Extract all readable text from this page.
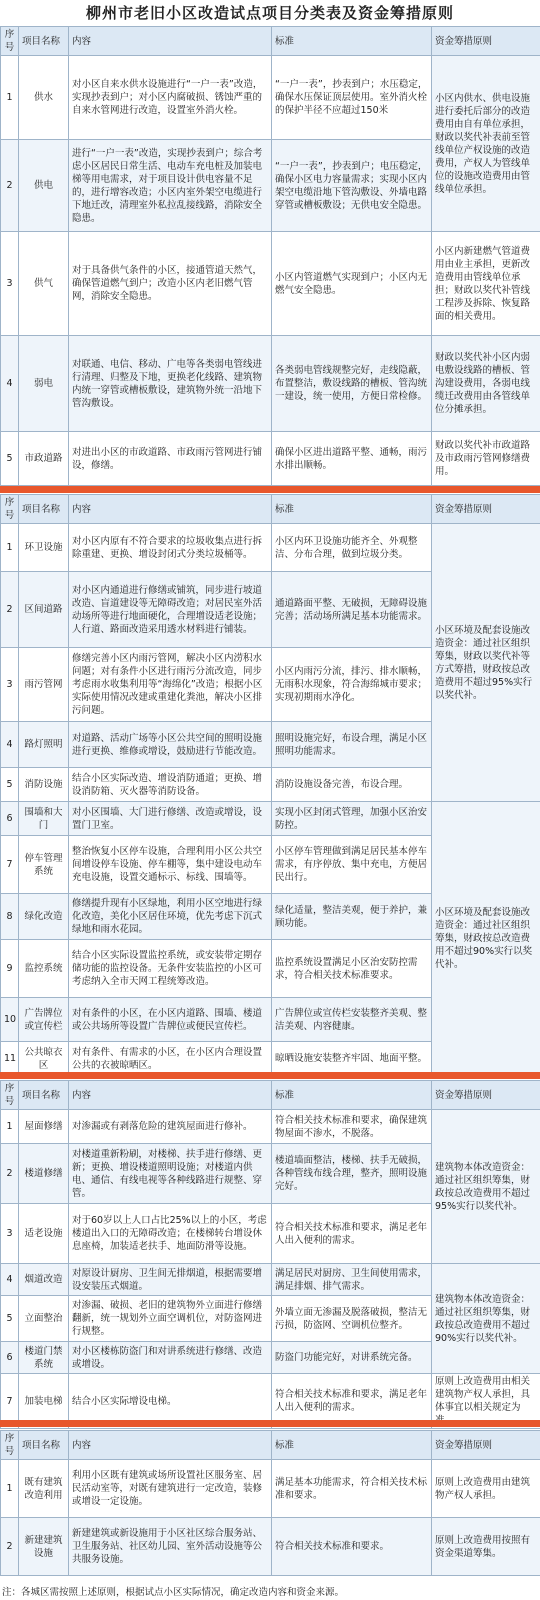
柳州市老旧小区改造试点项目分类表及资金筹措原则
序号	项目名称	内容	标准	资金筹措原则
1	供水	对小区自来水供水设施进行“一户一表”改造，实现抄表到户；对小区内腐破损、锈蚀严重的自来水管网进行改造，设置室外消火栓。	“一户一表”，抄表到户；水压稳定，确保水压保证顶层使用。室外消火栓的保护半径不应超过150米	小区内供水、供电设施进行委托后部分的改造费用由自有单位承担，财政以奖代补表前至管线单位产权设施的改造费用，产权人为管线单位的设施改造费用由管线单位承担。
2	供电	进行“一户一表”改造，实现抄表到户；综合考虑小区居民日常生活、电动车充电桩及加装电梯等用电需求，对于项目设计供电容量不足的，进行增容改造；小区内室外架空电缆进行下地迁改，清理室外私拉乱接线路，消除安全隐患。	“一户一表”，抄表到户；电压稳定，确保小区电力容量需求；实现小区内架空电缆沿地下管沟敷设、外墙电路穿管或槽板敷设；无供电安全隐患。	
3	供气	对于具备供气条件的小区，接通管道天然气，确保管道燃气到户；改造小区内老旧燃气管网，消除安全隐患。	小区内管道燃气实现到户；小区内无燃气安全隐患。	小区内新建燃气管道费用由业主承担，更新改造费用由管线单位承担；财政以奖代补管线工程涉及拆除、恢复路面的相关费用。
4	弱电	对联通、电信、移动、广电等各类弱电管线进行清理、归整及下地，更换老化线路、建筑物内统一穿管或槽板敷设，建筑物外统一沿地下管沟敷设。	各类弱电管线规整完好，走线隐蔽，布置整洁，敷设线路的槽板、管沟统一建设，统一使用，方便日常检修。	财政以奖代补小区内弱电敷设线路的槽板、管沟建设费用，各弱电线缆迁改费用由各管线单位分摊承担。
5	市政道路	对进出小区的市政道路、市政雨污管网进行铺设，修缮。	确保小区进出道路平整、通畅，雨污水排出顺畅。	财政以奖代补市政道路及市政雨污管网修缮费用。
序号	项目名称	内容	标准	资金筹措原则
1	环卫设施	对小区内原有不符合要求的垃圾收集点进行拆除重建、更换、增设封闭式分类垃圾桶等。	小区内环卫设施功能齐全、外观整洁、分布合理，做到垃圾分类。	小区环境及配套设施改造资金：通过社区组织筹集，财政以奖代补等方式筹措，财政按总改造费用不超过95%实行以奖代补。
2	区间道路	对小区内通道进行修缮或铺筑，同步进行坡道改造、盲道建设等无障碍改造；对居民室外活动场所等进行地面硬化，合理增设适老设施；人行道、路面改造采用透水材料进行铺装。	通道路面平整、无破损，无障碍设施完善；活动场所满足基本功能需求。	
3	雨污管网	修缮完善小区内雨污管网，解决小区内涝积水问题；对有条件小区进行雨污分流改造，同步考虑雨水收集利用等“海绵化”改造；根据小区实际使用情况改建或重建化粪池，解决小区排污问题。	小区内雨污分流，排污、排水顺畅，无雨积水现象，符合海绵城市要求；实现初期雨水净化。	
4	路灯照明	对道路、活动广场等小区公共空间的照明设施进行更换、维修或增设，鼓励进行节能改造。	照明设施完好，布设合理，满足小区照明功能需求。	
5	消防设施	结合小区实际改造、增设消防通道；更换、增设消防箱、灭火器等消防设备。	消防设施设备完善，布设合理。	
6	围墙和大门	对小区围墙、大门进行修缮、改造或增设，设置门卫室。	实现小区封闭式管理，加强小区治安防控。	小区环境及配套设施改造资金：通过社区组织筹集，财政按总改造费用不超过90%实行以奖代补。
7	停车管理系统	整治恢复小区停车设施，合理利用小区公共空间增设停车设施、停车棚等，集中建设电动车充电设施，设置交通标示、标线、围墙等。	小区停车管理做到满足居民基本停车需求，有序停放、集中充电，方便居民出行。	
8	绿化改造	修缮提升现有小区绿地，利用小区空地进行绿化改造，美化小区居住环境，优先考虑下沉式绿地和雨水花园。	绿化适量，整洁美观，便于养护，兼顾功能。	
9	监控系统	结合小区实际设置监控系统，或安装带定期存储功能的监控设备。无条件安装监控的小区可考虑纳入全市天网工程统筹改造。	监控系统设置满足小区治安防控需求，符合相关技术标准要求。	
10	广告牌位或宣传栏	对有条件的小区，在小区内道路、围墙、楼道或公共场所等设置广告牌位或便民宣传栏。	广告牌位或宣传栏安装整齐美观、整洁美观、内容健康。	
11	公共晾衣区	对有条件、有需求的小区，在小区内合理设置公共的衣被晾晒区。	晾晒设施安装整齐牢固、地面平整。	
序号	项目名称	内容	标准	资金筹措原则
1	屋面修缮	对渗漏或有剥落危险的建筑屋面进行修补。	符合相关技术标准和要求，确保建筑物屋面不渗水，不脱落。	建筑物本体改造资金：通过社区组织筹集，财政按总改造费用不超过95%实行以奖代补。
2	楼道修缮	对楼道重新粉刷，对楼梯、扶手进行修缮、更新；更换、增设楼道照明设施；对楼道内供电、通信、有线电视等各种线路进行规整、穿管。	楼道墙面整洁，楼梯、扶手无破损，各种管线布线合理，整齐，照明设施完好。	
3	适老设施	对于60岁以上人口占比25%以上的小区，考虑楼道出入口的无障碍改造；在楼梯转台增设休息座椅，加装适老扶手、地面防滑等设施。	符合相关技术标准和要求，满足老年人出入便利的需求。	
4	烟道改造	对原设计厨房、卫生间无排烟道，根据需要增设安装压式烟道。	满足居民对厨房、卫生间使用需求，满足排烟、排气需求。	建筑物本体改造资金：通过社区组织筹集，财政按总改造费用不超过90%实行以奖代补。
5	立面整治	对渗漏、破损、老旧的建筑物外立面进行修缮翻新，统一规划外立面空调机位，对防盗网进行规整。	外墙立面无渗漏及脱落破损，整洁无污损，防盗网、空调机位整齐。	
6	楼道门禁系统	对小区楼栋防盗门和对讲系统进行修缮、改造或增设。	防盗门功能完好，对讲系统完备。	
7	加装电梯	结合小区实际增设电梯。	符合相关技术标准和要求，满足老年人出入便利的需求。	原则上改造费用由相关建筑物产权人承担，具体事宜以相关规定为
序号	项目名称	内容	标准	资金筹措原则
1	既有建筑改造利用	利用小区既有建筑或场所设置社区服务室、居民活动室等，对既有建筑进行一定改造，装修或增设一定设施。	满足基本功能需求，符合相关技术标准和要求。	原则上改造费用由建筑物产权人承担。
2	新建建筑设施	新建建筑或新设施用于小区社区综合服务站、卫生服务站、社区幼儿园、室外活动设施等公共服务设施。	符合相关技术标准和要求。	原则上改造费用按照有资金渠道筹集。
注：各城区需按照上述原则，根据试点小区实际情况，确定改造内容和资金来源。
